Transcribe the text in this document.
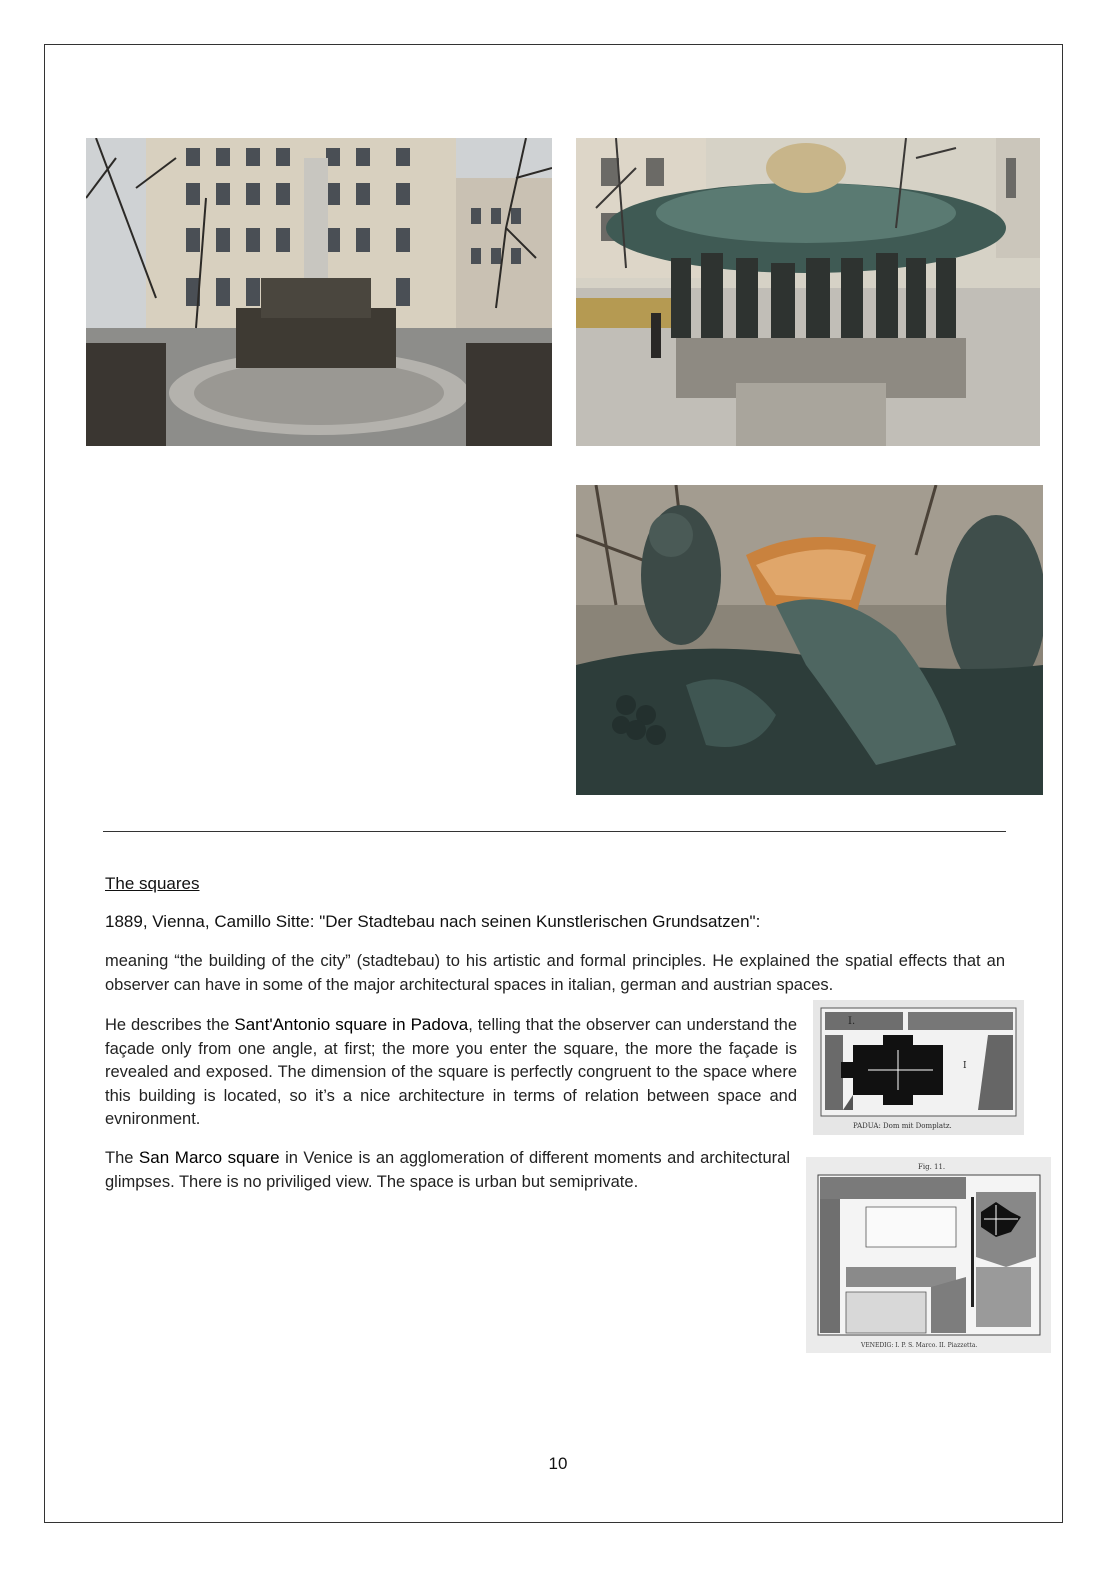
The squares
1889, Vienna, Camillo Sitte: "Der Stadtebau nach seinen Kunstlerischen Grundsatzen":
meaning “the building of the city” (stadtebau) to his artistic and formal principles. He explained the spatial effects that an observer can have in some of the major architectural spaces in italian, german and austrian spaces.
He describes the Sant'Antonio square in Padova, telling that the observer can understand the façade only from one angle, at first; the more you enter the square, the more the façade is revealed and exposed. The dimension of the square is perfectly congruent to the space where this building is located, so it’s a nice architecture in terms of relation between space and evnironment.
The San Marco square in Venice is an agglomeration of different moments and architectural glimpses. There is no priviliged view. The space is urban but semiprivate.
I.
I
PADUA: Dom mit Domplatz.
Fig. 11.
VENEDIG: I. P. S. Marco. II. Piazzetta.
10
